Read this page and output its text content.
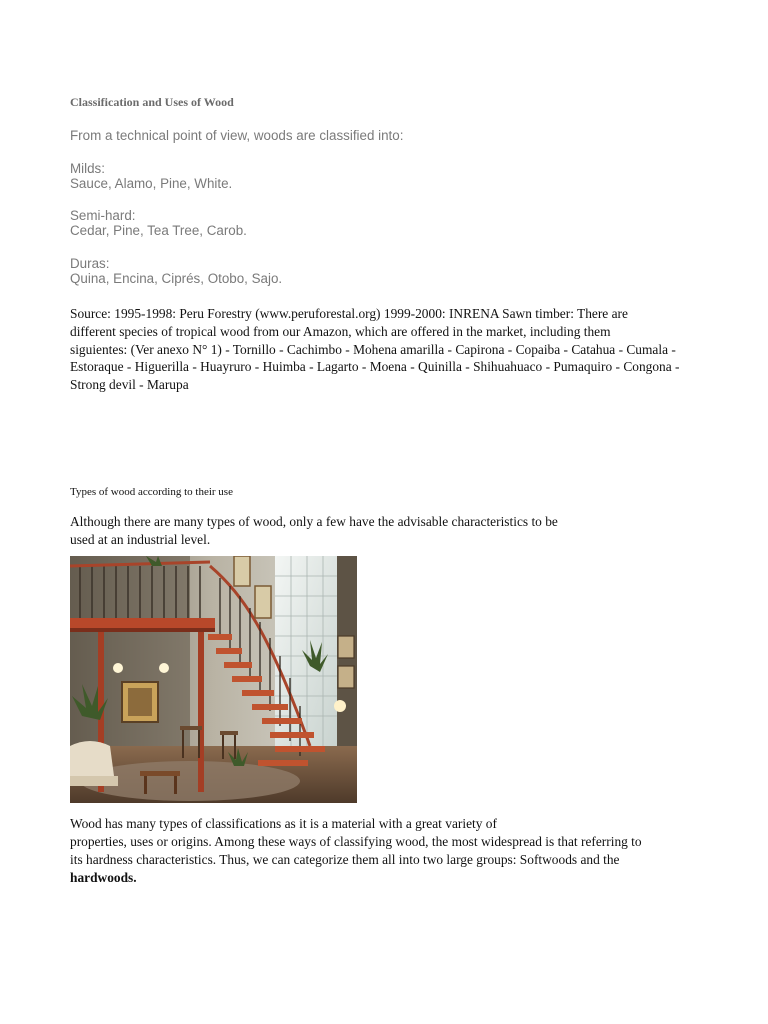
Classification and Uses of Wood
From a technical point of view, woods are classified into:
Milds:
Sauce, Alamo, Pine, White.
Semi-hard:
Cedar, Pine, Tea Tree, Carob.
Duras:
Quina, Encina, Ciprés, Otobo, Sajo.
Source: 1995-1998: Peru Forestry (www.peruforestal.org) 1999-2000: INRENA Sawn timber: There are
different species of tropical wood from our Amazon, which are offered in the market, including them
siguientes: (Ver anexo N° 1) - Tornillo - Cachimbo - Mohena amarilla - Capirona - Copaiba - Catahua - Cumala -
Estoraque - Higuerilla - Huayruro - Huimba - Lagarto - Moena - Quinilla - Shihuahuaco - Pumaquiro - Congona -
Strong devil - Marupa
Types of wood according to their use
Although there are many types of wood, only a few have the advisable characteristics to be
used at an industrial level.
Wood has many types of classifications as it is a material with a great variety of
properties, uses or origins. Among these ways of classifying wood, the most widespread is that referring to
its hardness characteristics. Thus, we can categorize them all into two large groups: Softwoods and the
hardwoods.
